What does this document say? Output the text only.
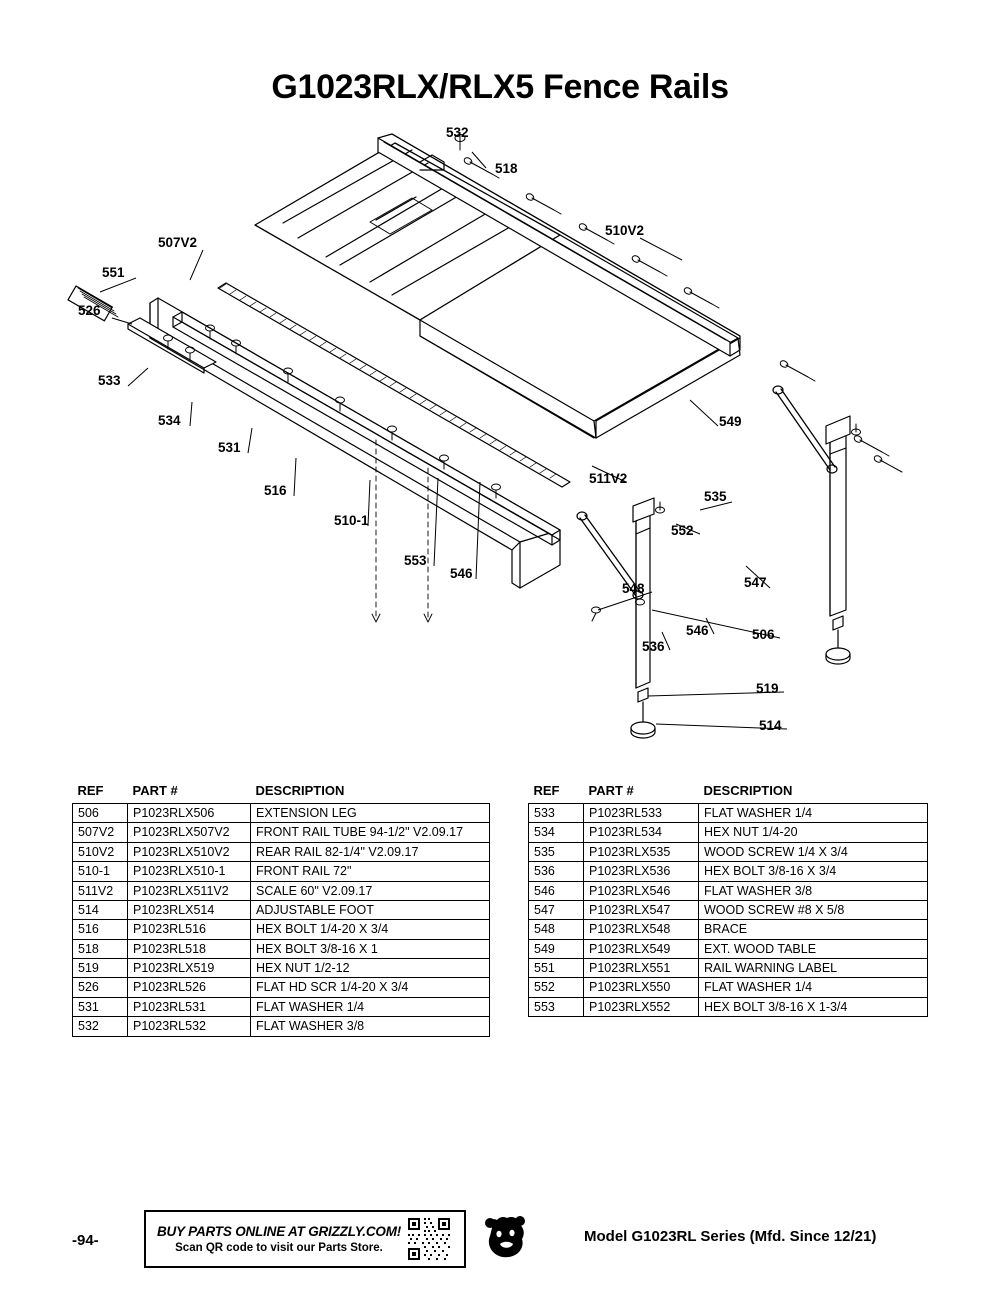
G1023RLX/RLX5 Fence Rails
532
518
510V2
507V2
551
526
533
534
531
516
510-1
553
546
511V2
549
535
552
548
536
546
547
506
519
514
REF	PART #	DESCRIPTION
506	P1023RLX506	EXTENSION LEG
507V2	P1023RLX507V2	FRONT RAIL TUBE 94-1/2" V2.09.17
510V2	P1023RLX510V2	REAR RAIL 82-1/4" V2.09.17
510-1	P1023RLX510-1	FRONT RAIL 72"
511V2	P1023RLX511V2	SCALE 60" V2.09.17
514	P1023RLX514	ADJUSTABLE FOOT
516	P1023RL516	HEX BOLT 1/4-20 X 3/4
518	P1023RL518	HEX BOLT 3/8-16 X 1
519	P1023RLX519	HEX NUT 1/2-12
526	P1023RL526	FLAT HD SCR 1/4-20 X 3/4
531	P1023RL531	FLAT WASHER 1/4
532	P1023RL532	FLAT WASHER 3/8
REF	PART #	DESCRIPTION
533	P1023RL533	FLAT WASHER 1/4
534	P1023RL534	HEX NUT 1/4-20
535	P1023RLX535	WOOD SCREW 1/4 X 3/4
536	P1023RLX536	HEX BOLT 3/8-16 X 3/4
546	P1023RLX546	FLAT WASHER 3/8
547	P1023RLX547	WOOD SCREW #8 X 5/8
548	P1023RLX548	BRACE
549	P1023RLX549	EXT. WOOD TABLE
551	P1023RLX551	RAIL WARNING LABEL
552	P1023RLX550	FLAT WASHER 1/4
553	P1023RLX552	HEX BOLT 3/8-16 X 1-3/4
-94-
BUY PARTS ONLINE AT GRIZZLY.COM!
Scan QR code to visit our Parts Store.
Model G1023RL Series (Mfd. Since 12/21)
